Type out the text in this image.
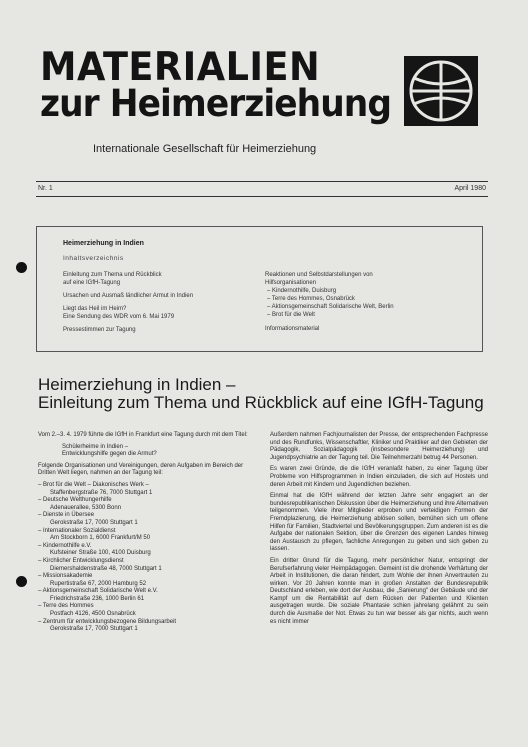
MATERIALIEN
zur Heimerziehung
Internationale Gesellschaft für Heimerziehung
Nr. 1	April 1980
Heimerziehung in Indien
Inhaltsverzeichnis
Einleitung zum Thema und Rückblick
auf eine IGfH-Tagung
Ursachen und Ausmaß ländlicher Armut in Indien
Liegt das Heil im Heim?
Eine Sendung des WDR vom 6. Mai 1979
Pressestimmen zur Tagung
Reaktionen und Selbstdarstellungen von
Hilfsorganisationen
– Kindernothilfe, Duisburg
– Terre des Hommes, Osnabrück
– Aktionsgemeinschaft Solidarische Welt, Berlin
– Brot für die Welt
Informationsmaterial
Heimerziehung in Indien –
Einleitung zum Thema und Rückblick auf eine IGfH-Tagung

Vom 2.–3. 4. 1979 führte die IGfH in Frankfurt eine Tagung durch mit dem Titel:

Schülerheime in Indien –
Entwicklungshilfe gegen die Armut?

Folgende Organisationen und Vereinigungen, deren Aufgaben im Bereich der Dritten Welt liegen, nahmen an der Tagung teil:

– Brot für die Welt – Diakonisches Werk –
Staffenbergstraße 76, 7000 Stuttgart 1
– Deutsche Welthungerhilfe
Adenauerallee, 5300 Bonn
– Dienste in Übersee
Gerokstraße 17, 7000 Stuttgart 1
– Internationaler Sozialdienst
Am Stockborn 1, 6000 Frankfurt/M 50
– Kindernothilfe e.V.
Kufsteiner Straße 100, 4100 Duisburg
– Kirchlicher Entwicklungsdienst
Diemershaldenstraße 48, 7000 Stuttgart 1
– Missionsakademie
Rupertistraße 67, 2000 Hamburg 52
– Aktionsgemeinschaft Solidarische Welt e.V.
Friedrichstraße 236, 1000 Berlin 61
– Terre des Hommes
Postfach 4126, 4500 Osnabrück
– Zentrum für entwicklungsbezogene Bildungsarbeit
Gerokstraße 17, 7000 Stuttgart 1

Außerdem nahmen Fachjournalisten der Presse, der entsprechenden Fachpresse und des Rundfunks, Wissenschaftler, Kliniker und Praktiker auf den Gebieten der Pädagogik, Sozialpädagogik (insbesondere Heimerziehung) und Jugendpsychiatrie an der Tagung teil. Die Teilnehmerzahl betrug 44 Personen.

Es waren zwei Gründe, die die IGfH veranlaßt haben, zu einer Tagung über Probleme von Hilfsprogrammen in Indien einzuladen, die sich auf Hostels und deren Arbeit mit Kindern und Jugendlichen beziehen.

Einmal hat die IGfH während der letzten Jahre sehr engagiert an der bundesrepublikanischen Diskussion über die Heimerziehung und ihre Alternativen teilgenommen. Viele ihrer Mitglieder erproben und verteidigen Formen der Fremdplazierung, die Heimerziehung ablösen sollen, bemühen sich um offene Hilfen für Familien, Stadtviertel und Bevölkerungsgruppen. Zum anderen ist es die Aufgabe der nationalen Sektion, über die Grenzen des eigenen Landes hinweg den Austausch zu pflegen, fachliche Anregungen zu geben und sich geben zu lassen.

Ein dritter Grund für die Tagung, mehr persönlicher Natur, entspringt der Berufserfahrung vieler Heimpädagogen. Gemeint ist die drohende Verhärtung der Arbeit in Institutionen, die daran hindert, zum Wohle der ihnen Anvertrauten zu wirken. Vor 20 Jahren konnte man in großen Anstalten der Bundesrepublik Deutschland erleben, wie dort der Ausbau, die „Sanierung" der Gebäude und der Kampf um die Rentabilität auf dem Rücken der Patienten und Klienten ausgetragen wurde. Die soziale Phantasie schien jahrelang gelähmt zu sein durch die Ausmaße der Not. Etwas zu tun war besser als gar nichts, auch wenn es nicht immer
